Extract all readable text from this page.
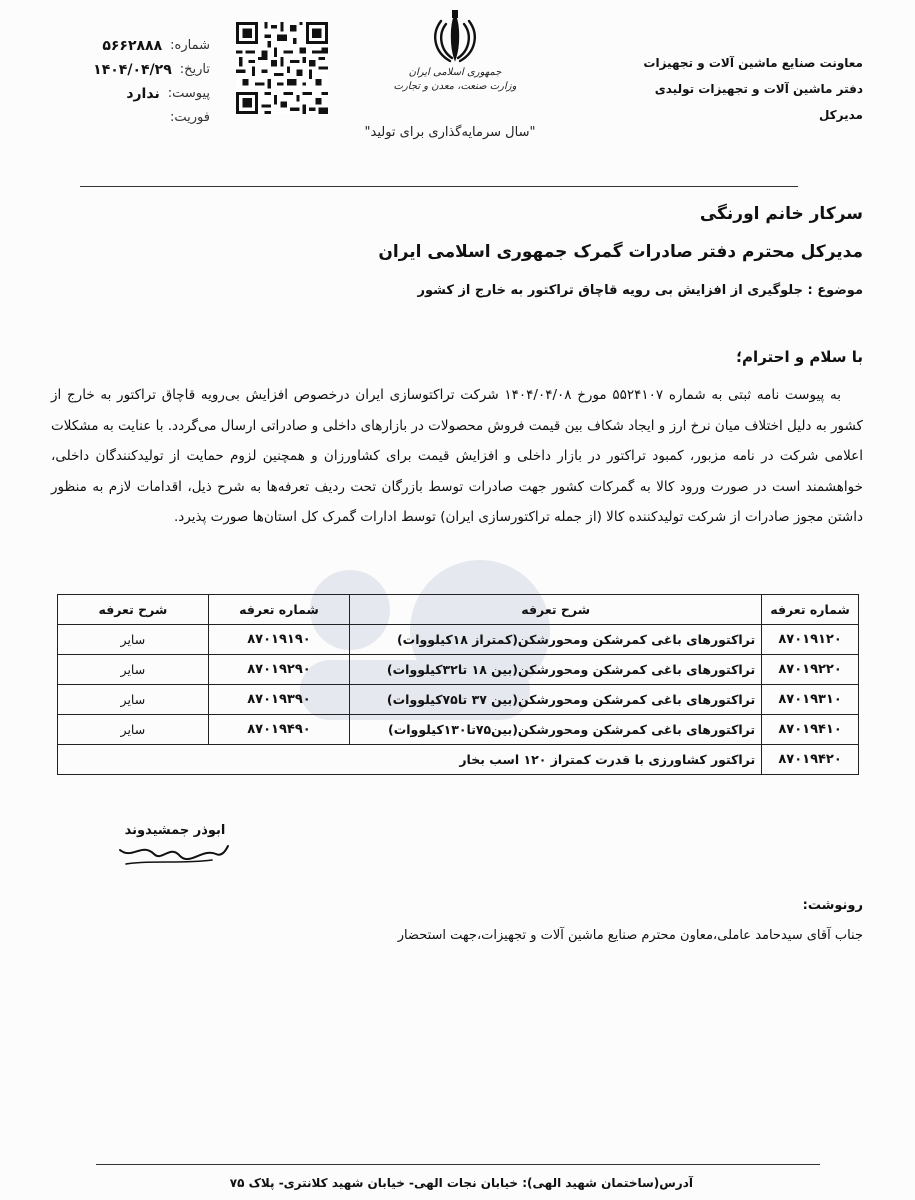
شماره:
۵۶۶۲۸۸۸
تاریخ:
۱۴۰۴/۰۴/۲۹
پیوست:
ندارد
فوریت:
جمهوری اسلامی ایران
وزارت صنعت، معدن و تجارت
"سال سرمایه‌گذاری برای تولید"
معاونت صنایع ماشین آلات و تجهیزات
دفتر ماشین آلات و تجهیزات تولیدی
مدیرکل
سرکار خانم اورنگی
مدیرکل محترم دفتر صادرات گمرک جمهوری اسلامی ایران
موضوع : جلوگیری از افزایش بی رویه قاچاق تراکتور به خارج از کشور
با سلام و احترام؛
به پیوست نامه ثبتی به شماره ۵۵۲۴۱۰۷ مورخ ۱۴۰۴/۰۴/۰۸ شرکت تراکتوسازی ایران درخصوص افزایش بی‌رویه قاچاق تراکتور به خارج از کشور به دلیل اختلاف میان نرخ ارز و ایجاد شکاف بین قیمت فروش محصولات در بازارهای داخلی و صادراتی ارسال می‌گردد. با عنایت به مشکلات اعلامی شرکت در نامه مزبور، کمبود تراکتور در بازار داخلی و افزایش قیمت برای کشاورزان و همچنین لزوم حمایت از تولیدکنندگان داخلی، خواهشمند است در صورت ورود کالا به گمرکات کشور جهت صادرات توسط بازرگان تحت ردیف تعرفه‌ها به شرح ذیل، اقدامات لازم به منظور داشتن مجوز صادرات از شرکت تولیدکننده کالا (از جمله تراکتورسازی ایران) توسط ادارات گمرک کل استان‌ها صورت پذیرد.
شماره تعرفه	شرح تعرفه	شماره تعرفه	شرح تعرفه
۸۷۰۱۹۱۲۰	تراکتورهای باغی کمرشکن ومحورشکن(کمتراز ۱۸کیلووات)	۸۷۰۱۹۱۹۰	سایر
۸۷۰۱۹۲۲۰	تراکتورهای باغی کمرشکن ومحورشکن(بین ۱۸ تا۳۲کیلووات)	۸۷۰۱۹۲۹۰	سایر
۸۷۰۱۹۳۱۰	تراکتورهای باغی کمرشکن ومحورشکن(بین ۳۷ تا۷۵کیلووات)	۸۷۰۱۹۳۹۰	سایر
۸۷۰۱۹۴۱۰	تراکتورهای باغی کمرشکن ومحورشکن(بین۷۵تا۱۳۰کیلووات)	۸۷۰۱۹۴۹۰	سایر
۸۷۰۱۹۴۲۰	تراکتور کشاورزی با قدرت کمتراز ۱۲۰ اسب بخار		
ابوذر جمشیدوند
رونوشت:
جناب آقای سیدحامد عاملی،معاون محترم صنایع ماشین آلات و تجهیزات،جهت استحضار
آدرس(ساختمان شهید الهی): خیابان نجات الهی- خیابان شهید کلانتری- پلاک ۷۵
